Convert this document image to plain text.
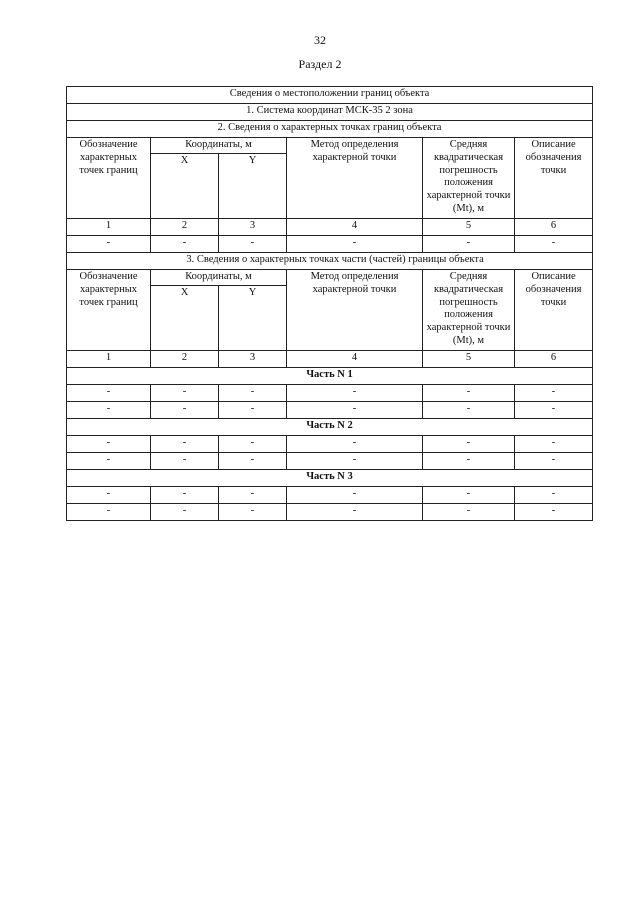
32
Раздел 2
Сведения о местоположении границ объекта					
1. Система координат МСК-35 2 зона					
2. Сведения о характерных точках границ объекта					
Обозначение характерных точек границ	Координаты, м		Метод определения характерной точки	Средняя квадратическая погрешность положения характерной точки (Mt), м	Описание обозначения точки
	X	Y			
1	2	3	4	5	6
-	-	-	-	-	-
3. Сведения о характерных точках части (частей) границы объекта					
Обозначение характерных точек границ	Координаты, м		Метод определения характерной точки	Средняя квадратическая погрешность положения характерной точки (Mt), м	Описание обозначения точки
	X	Y			
1	2	3	4	5	6
Часть N 1					
-	-	-	-	-	-
-	-	-	-	-	-
Часть N 2					
-	-	-	-	-	-
-	-	-	-	-	-
Часть N 3					
-	-	-	-	-	-
-	-	-	-	-	-
